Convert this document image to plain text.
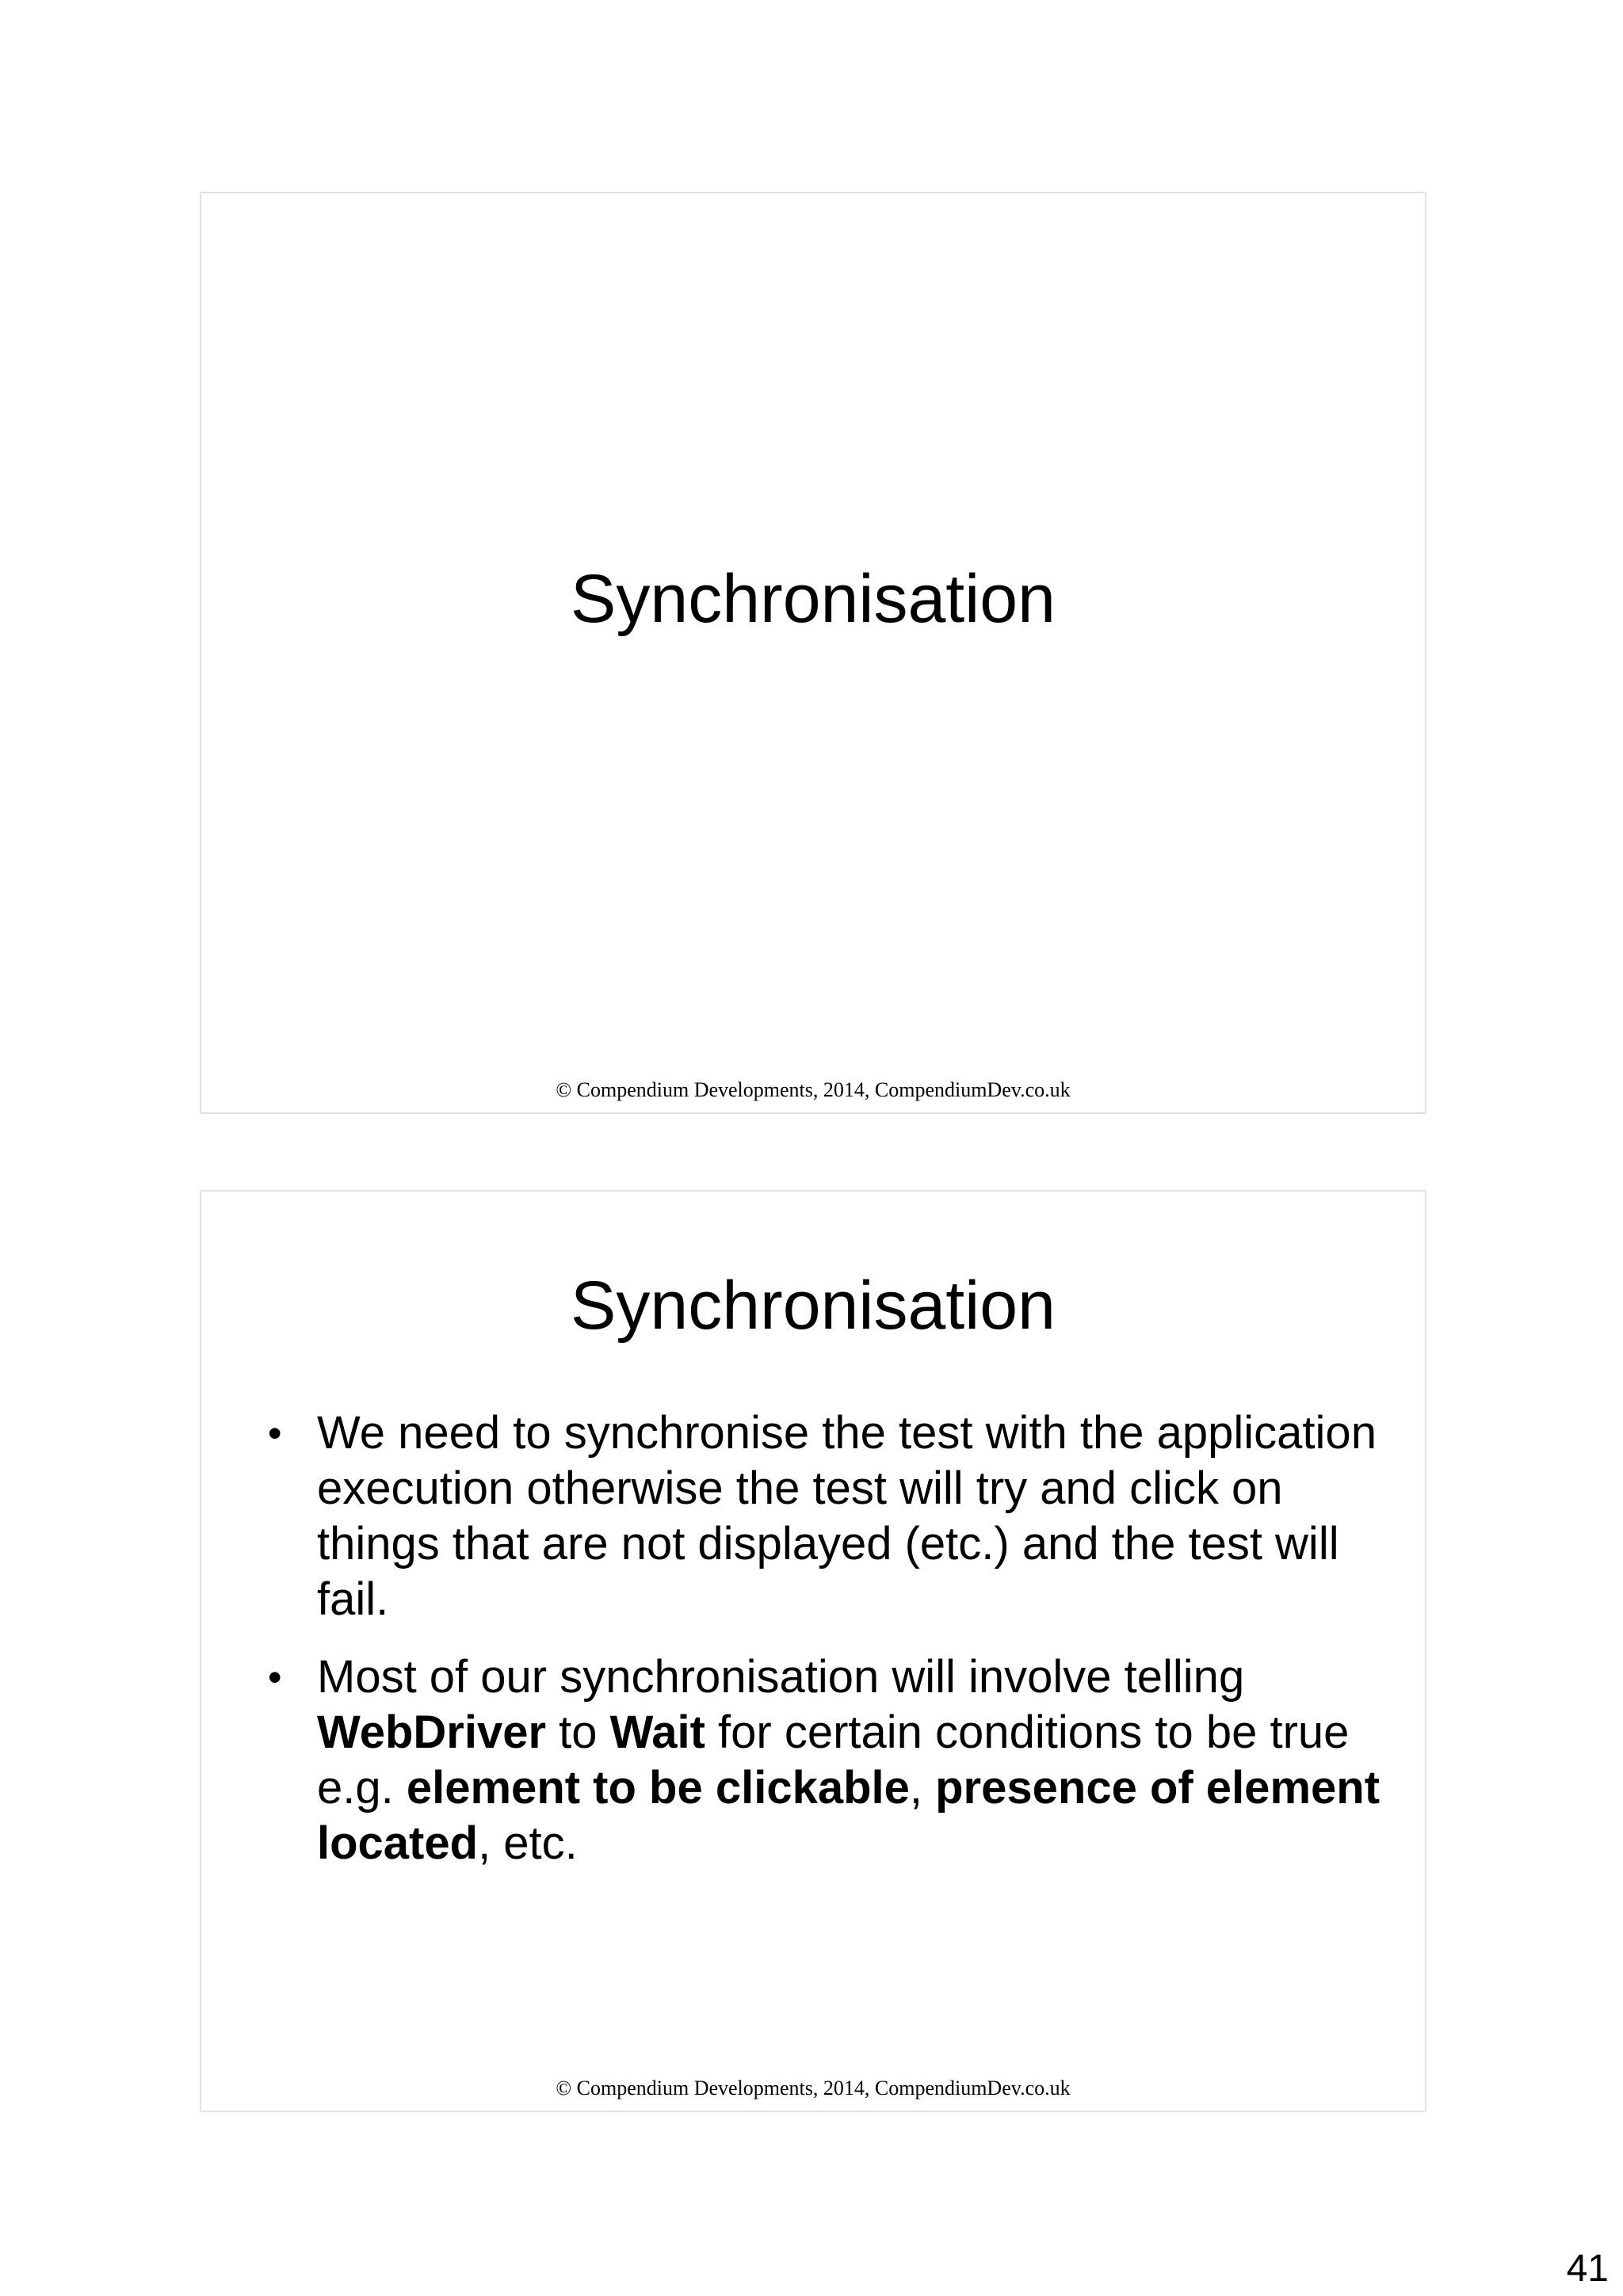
Synchronisation
© Compendium Developments, 2014, CompendiumDev.co.uk
Synchronisation
• We need to synchronise the test with the application execution otherwise the test will try and click on things that are not displayed (etc.) and the test will fail.
• Most of our synchronisation will involve telling WebDriver to Wait for certain conditions to be true e.g. element to be clickable, presence of element located, etc.
© Compendium Developments, 2014, CompendiumDev.co.uk
41
